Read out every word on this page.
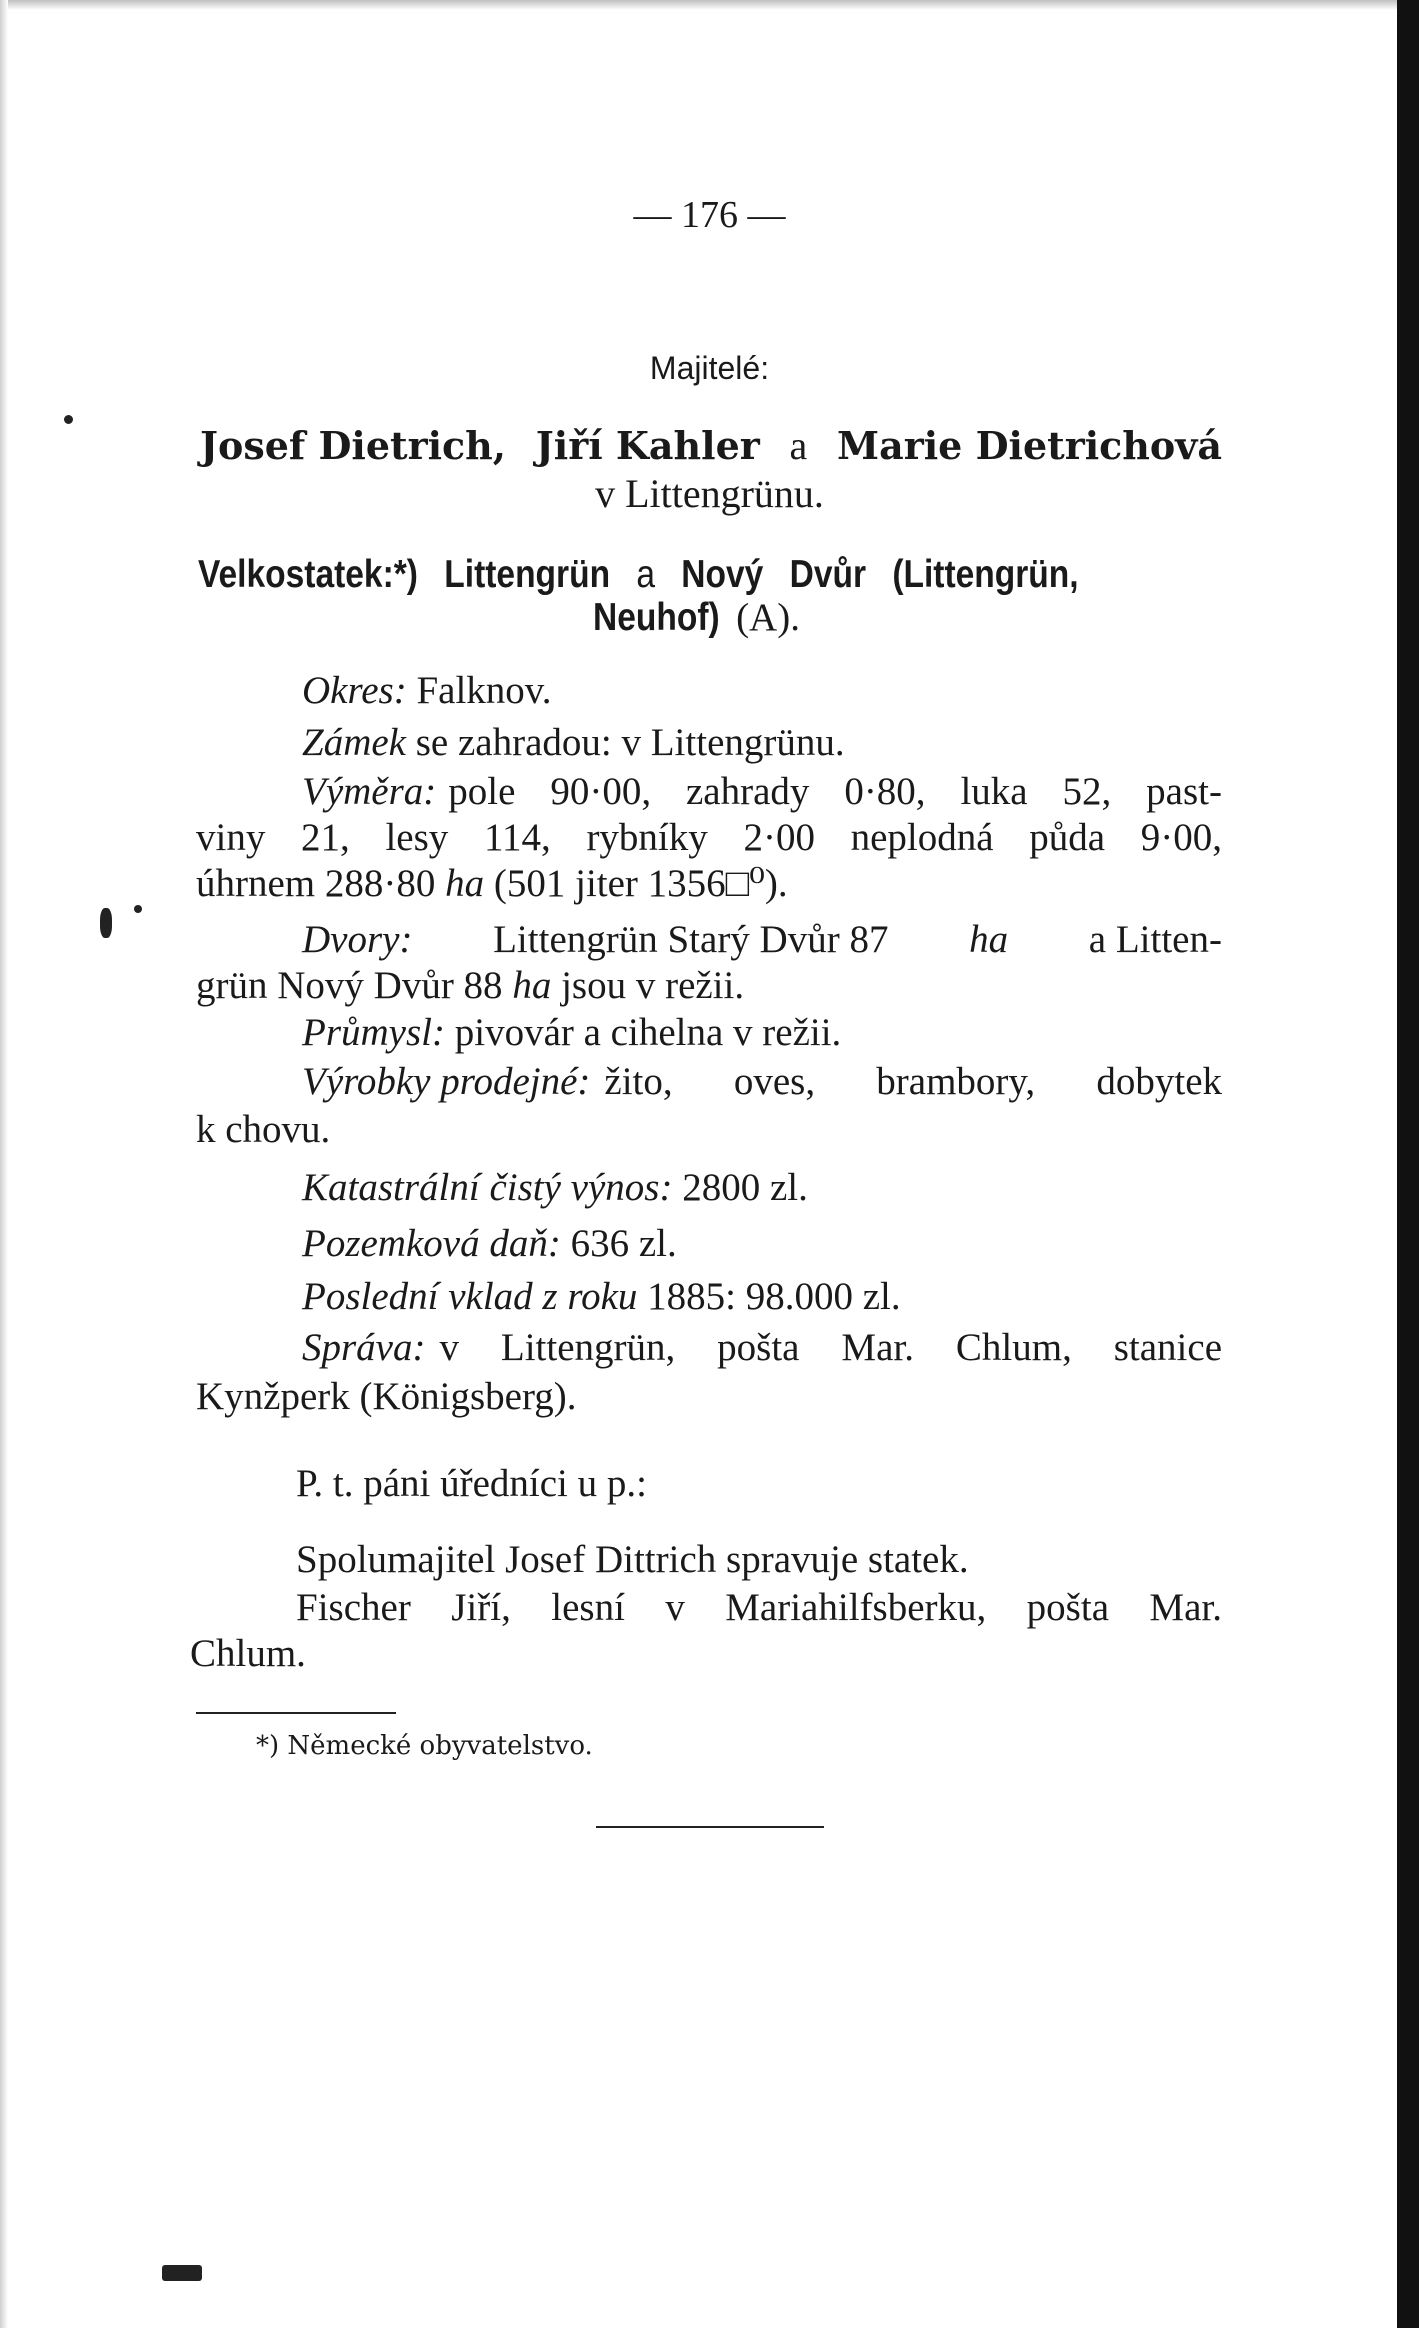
— 176 —
Majitelé:
Josef Dietrich, Jiří Kahler a Marie Dietrichová
v Littengrünu.
Velkostatek:*) Littengrün a Nový Dvůr (Littengrün,
Neuhof) (A).
Okres: Falknov.
Zámek se zahradou: v Littengrünu.
Výměra: pole 90·00, zahrady 0·80, luka 52, past-
viny 21, lesy 114, rybníky 2·00 neplodná půda 9·00,
úhrnem 288·80 ha (501 jiter 1356□⁰).
Dvory: Littengrün Starý Dvůr 87 ha a Litten-
grün Nový Dvůr 88 ha jsou v režii.
Průmysl: pivovár a cihelna v režii.
Výrobky prodejné: žito, oves, brambory, dobytek
k chovu.
Katastrální čistý výnos: 2800 zl.
Pozemková daň: 636 zl.
Poslední vklad z roku 1885: 98.000 zl.
Správa: v Littengrün, pošta Mar. Chlum, stanice
Kynžperk (Königsberg).
P. t. páni úředníci u p.:
Spolumajitel Josef Dittrich spravuje statek.
Fischer Jiří, lesní v Mariahilfsberku, pošta Mar.
Chlum.
*) Německé obyvatelstvo.
